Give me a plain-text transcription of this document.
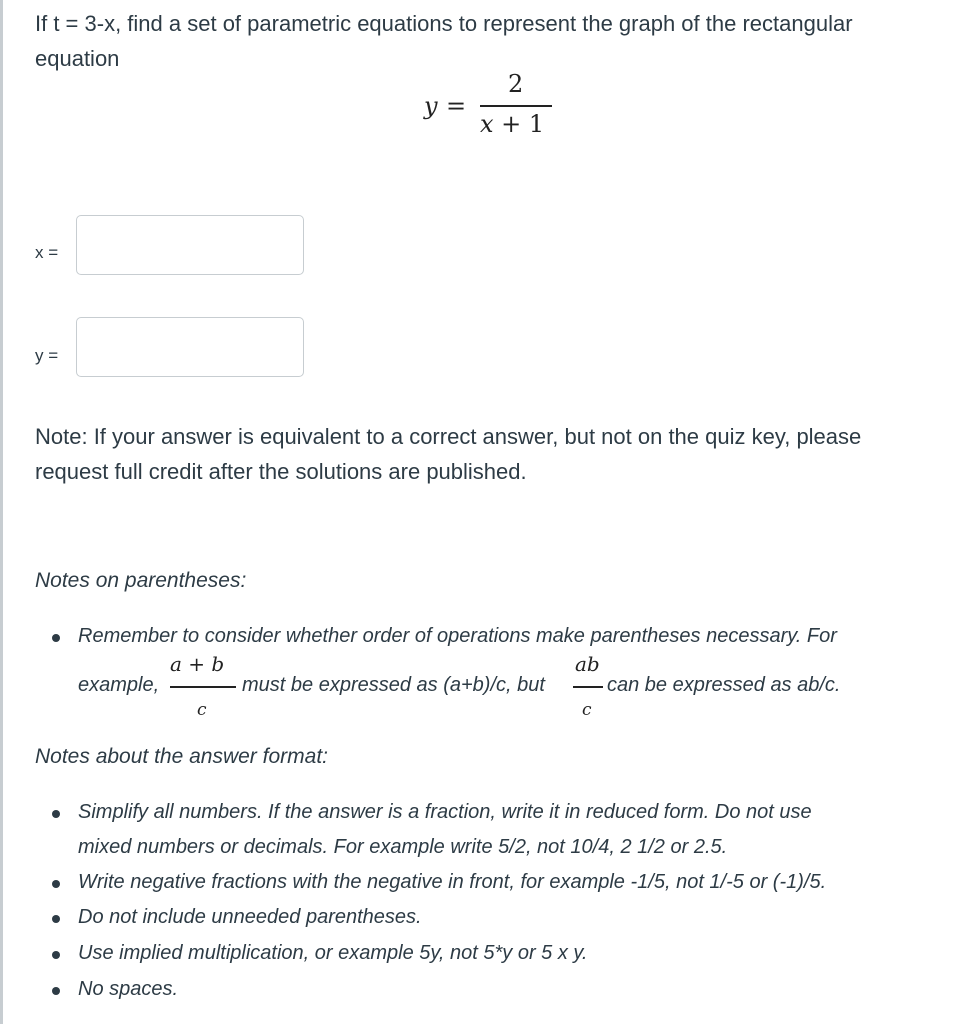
If t = 3-x, find a set of parametric equations to represent the graph of the rectangular equation
y =
2
x + 1
x =
y =
Note: If your answer is equivalent to a correct answer, but not on the quiz key, please request full credit after the solutions are published.
Notes on parentheses:
Remember to consider whether order of operations make parentheses necessary. For
example,
a + b
c
must be expressed as (a+b)/c, but
ab
c
can be expressed as ab/c.
Notes about the answer format:
Simplify all numbers. If the answer is a fraction, write it in reduced form. Do not use
mixed numbers or decimals. For example write 5/2, not 10/4, 2 1/2 or 2.5.
Write negative fractions with the negative in front, for example -1/5, not 1/-5 or (-1)/5.
Do not include unneeded parentheses.
Use implied multiplication, or example 5y, not 5*y or 5 x y.
No spaces.
